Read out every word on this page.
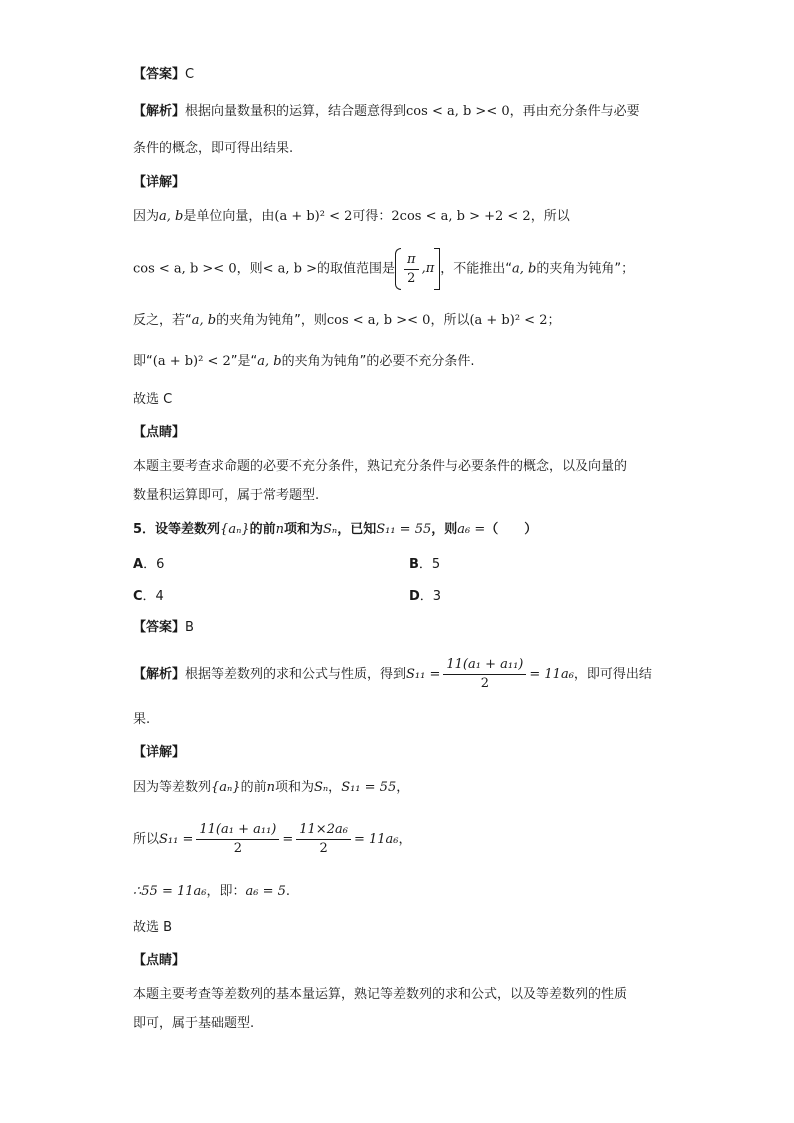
【答案】C
【解析】根据向量数量积的运算，结合题意得到cos < a, b >< 0，再由充分条件与必要
条件的概念，即可得出结果.
【详解】
因为a, b是单位向量，由(a + b)² < 2可得：2cos < a, b > +2 < 2，所以
cos < a, b >< 0，则< a, b >的取值范围是 $\frac{\pi}{2} ,\pi$ ，不能推出“a, b的夹角为钝角”；
反之，若“a, b的夹角为钝角”，则cos < a, b >< 0，所以(a + b)² < 2；
即“(a + b)² < 2”是“a, b的夹角为钝角”的必要不充分条件.
故选 C
【点睛】
本题主要考查求命题的必要不充分条件，熟记充分条件与必要条件的概念，以及向量的
数量积运算即可，属于常考题型.
5．设等差数列{aₙ}的前n项和为Sₙ，已知S₁₁ = 55，则a₆ =（　　）
A．6	B．5
C．4	D．3
【答案】B
【解析】根据等差数列的求和公式与性质，得到$S_{11} = \frac{\text{11(a₁ + a₁₁)}}{2} = 11a_6$，即可得出结
果.
【详解】
因为等差数列{aₙ}的前n项和为Sₙ，S₁₁ = 55，
所以$S_{11} = \frac{\text{11(a₁ + a₁₁)}}{2} = \frac{\text{11×2a₆}}{2} = 11a_6$，
∴55 = 11a₆，即：a₆ = 5.
故选 B
【点睛】
本题主要考查等差数列的基本量运算，熟记等差数列的求和公式，以及等差数列的性质
即可，属于基础题型.
